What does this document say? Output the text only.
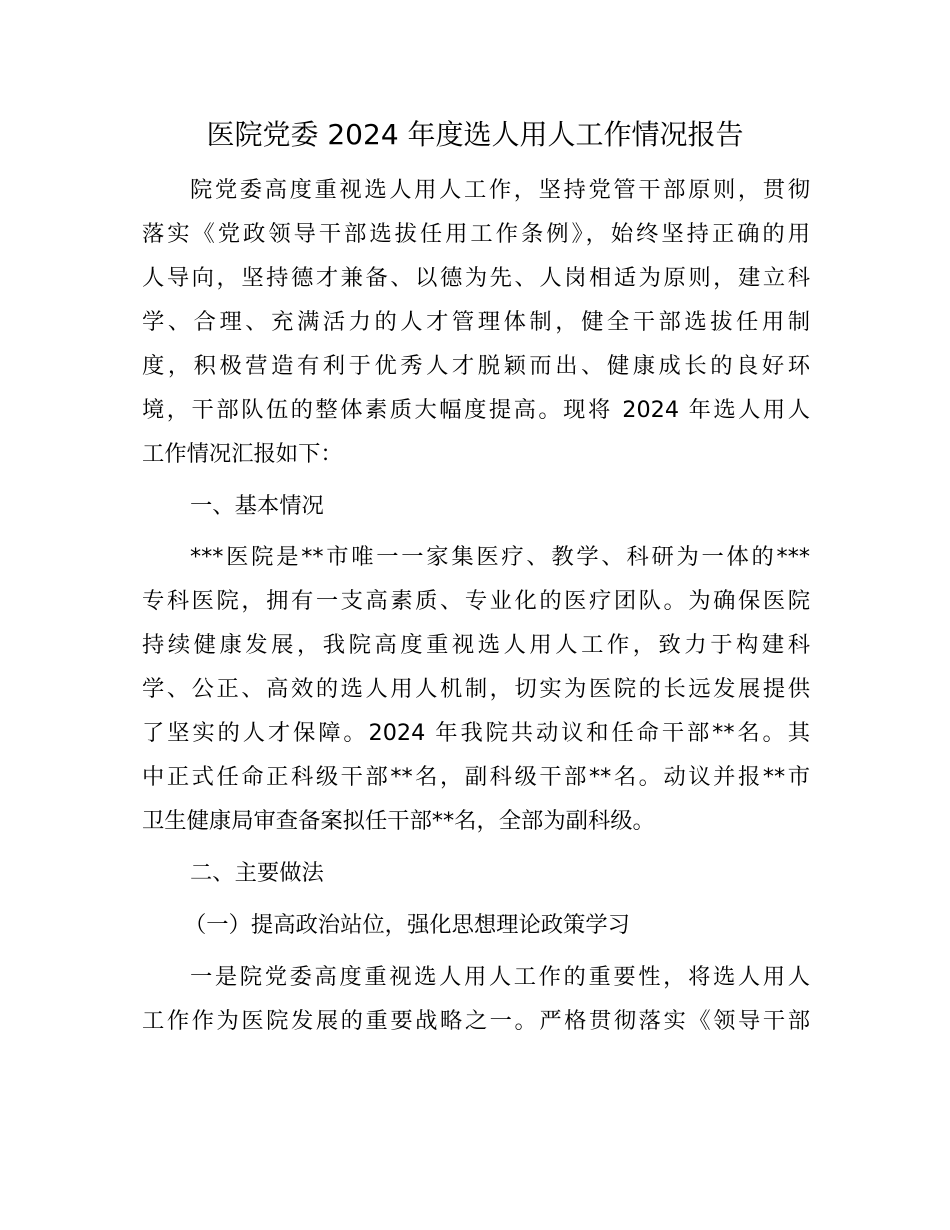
医院党委 2024 年度选人用人工作情况报告
院党委高度重视选人用人工作，坚持党管干部原则，贯彻
落实《党政领导干部选拔任用工作条例》，始终坚持正确的用
人导向，坚持德才兼备、以德为先、人岗相适为原则，建立科
学、合理、充满活力的人才管理体制，健全干部选拔任用制
度，积极营造有利于优秀人才脱颖而出、健康成长的良好环
境，干部队伍的整体素质大幅度提高。现将 2024 年选人用人
工作情况汇报如下：
一、基本情况
***医院是**市唯一一家集医疗、教学、科研为一体的***
专科医院，拥有一支高素质、专业化的医疗团队。为确保医院
持续健康发展，我院高度重视选人用人工作，致力于构建科
学、公正、高效的选人用人机制，切实为医院的长远发展提供
了坚实的人才保障。2024 年我院共动议和任命干部**名。其
中正式任命正科级干部**名，副科级干部**名。动议并报**市
卫生健康局审查备案拟任干部**名，全部为副科级。
二、主要做法
（一）提高政治站位，强化思想理论政策学习
一是院党委高度重视选人用人工作的重要性，将选人用人
工作作为医院发展的重要战略之一。严格贯彻落实《领导干部
